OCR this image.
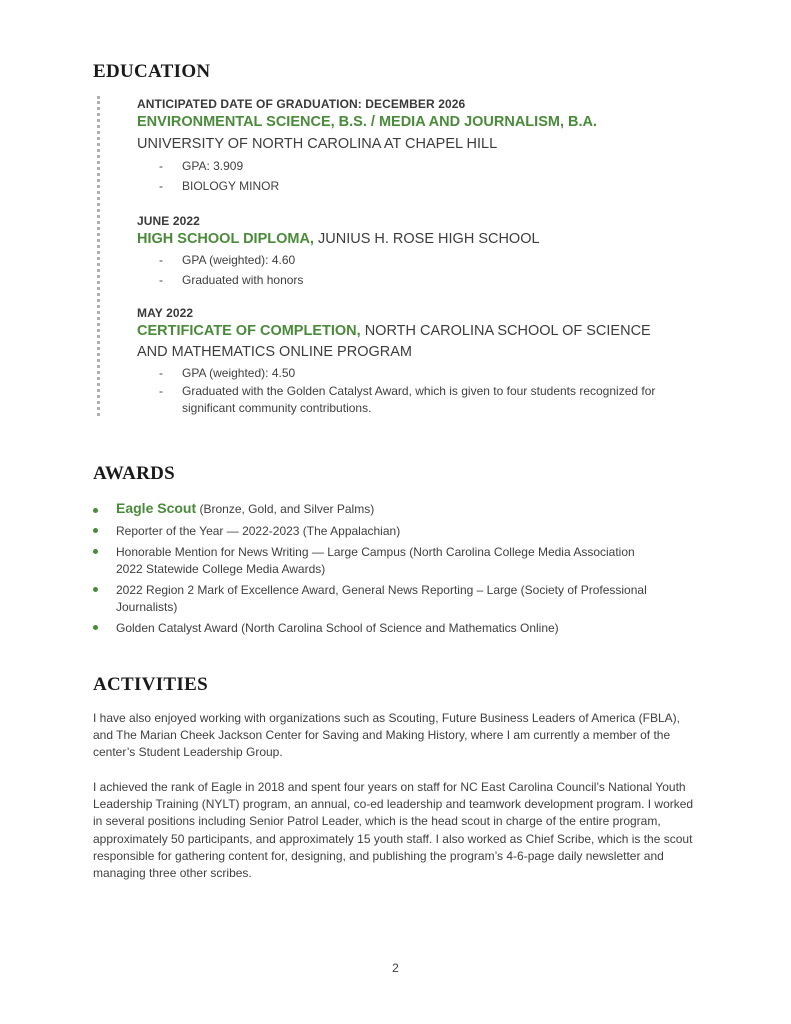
EDUCATION
ANTICIPATED DATE OF GRADUATION: DECEMBER 2026
ENVIRONMENTAL SCIENCE, B.S. / MEDIA AND JOURNALISM, B.A.
UNIVERSITY OF NORTH CAROLINA AT CHAPEL HILL
- GPA: 3.909
- BIOLOGY MINOR
JUNE 2022
HIGH SCHOOL DIPLOMA, JUNIUS H. ROSE HIGH SCHOOL
- GPA (weighted): 4.60
- Graduated with honors
MAY 2022
CERTIFICATE OF COMPLETION, NORTH CAROLINA SCHOOL OF SCIENCE AND MATHEMATICS ONLINE PROGRAM
- GPA (weighted): 4.50
- Graduated with the Golden Catalyst Award, which is given to four students recognized for significant community contributions.
AWARDS
Eagle Scout (Bronze, Gold, and Silver Palms)
Reporter of the Year — 2022-2023 (The Appalachian)
Honorable Mention for News Writing — Large Campus (North Carolina College Media Association 2022 Statewide College Media Awards)
2022 Region 2 Mark of Excellence Award, General News Reporting – Large (Society of Professional Journalists)
Golden Catalyst Award (North Carolina School of Science and Mathematics Online)
ACTIVITIES

I have also enjoyed working with organizations such as Scouting, Future Business Leaders of America (FBLA), and The Marian Cheek Jackson Center for Saving and Making History, where I am currently a member of the center’s Student Leadership Group.

I achieved the rank of Eagle in 2018 and spent four years on staff for NC East Carolina Council’s National Youth Leadership Training (NYLT) program, an annual, co-ed leadership and teamwork development program. I worked in several positions including Senior Patrol Leader, which is the head scout in charge of the entire program, approximately 50 participants, and approximately 15 youth staff. I also worked as Chief Scribe, which is the scout responsible for gathering content for, designing, and publishing the program’s 4-6-page daily newsletter and managing three other scribes.

2
